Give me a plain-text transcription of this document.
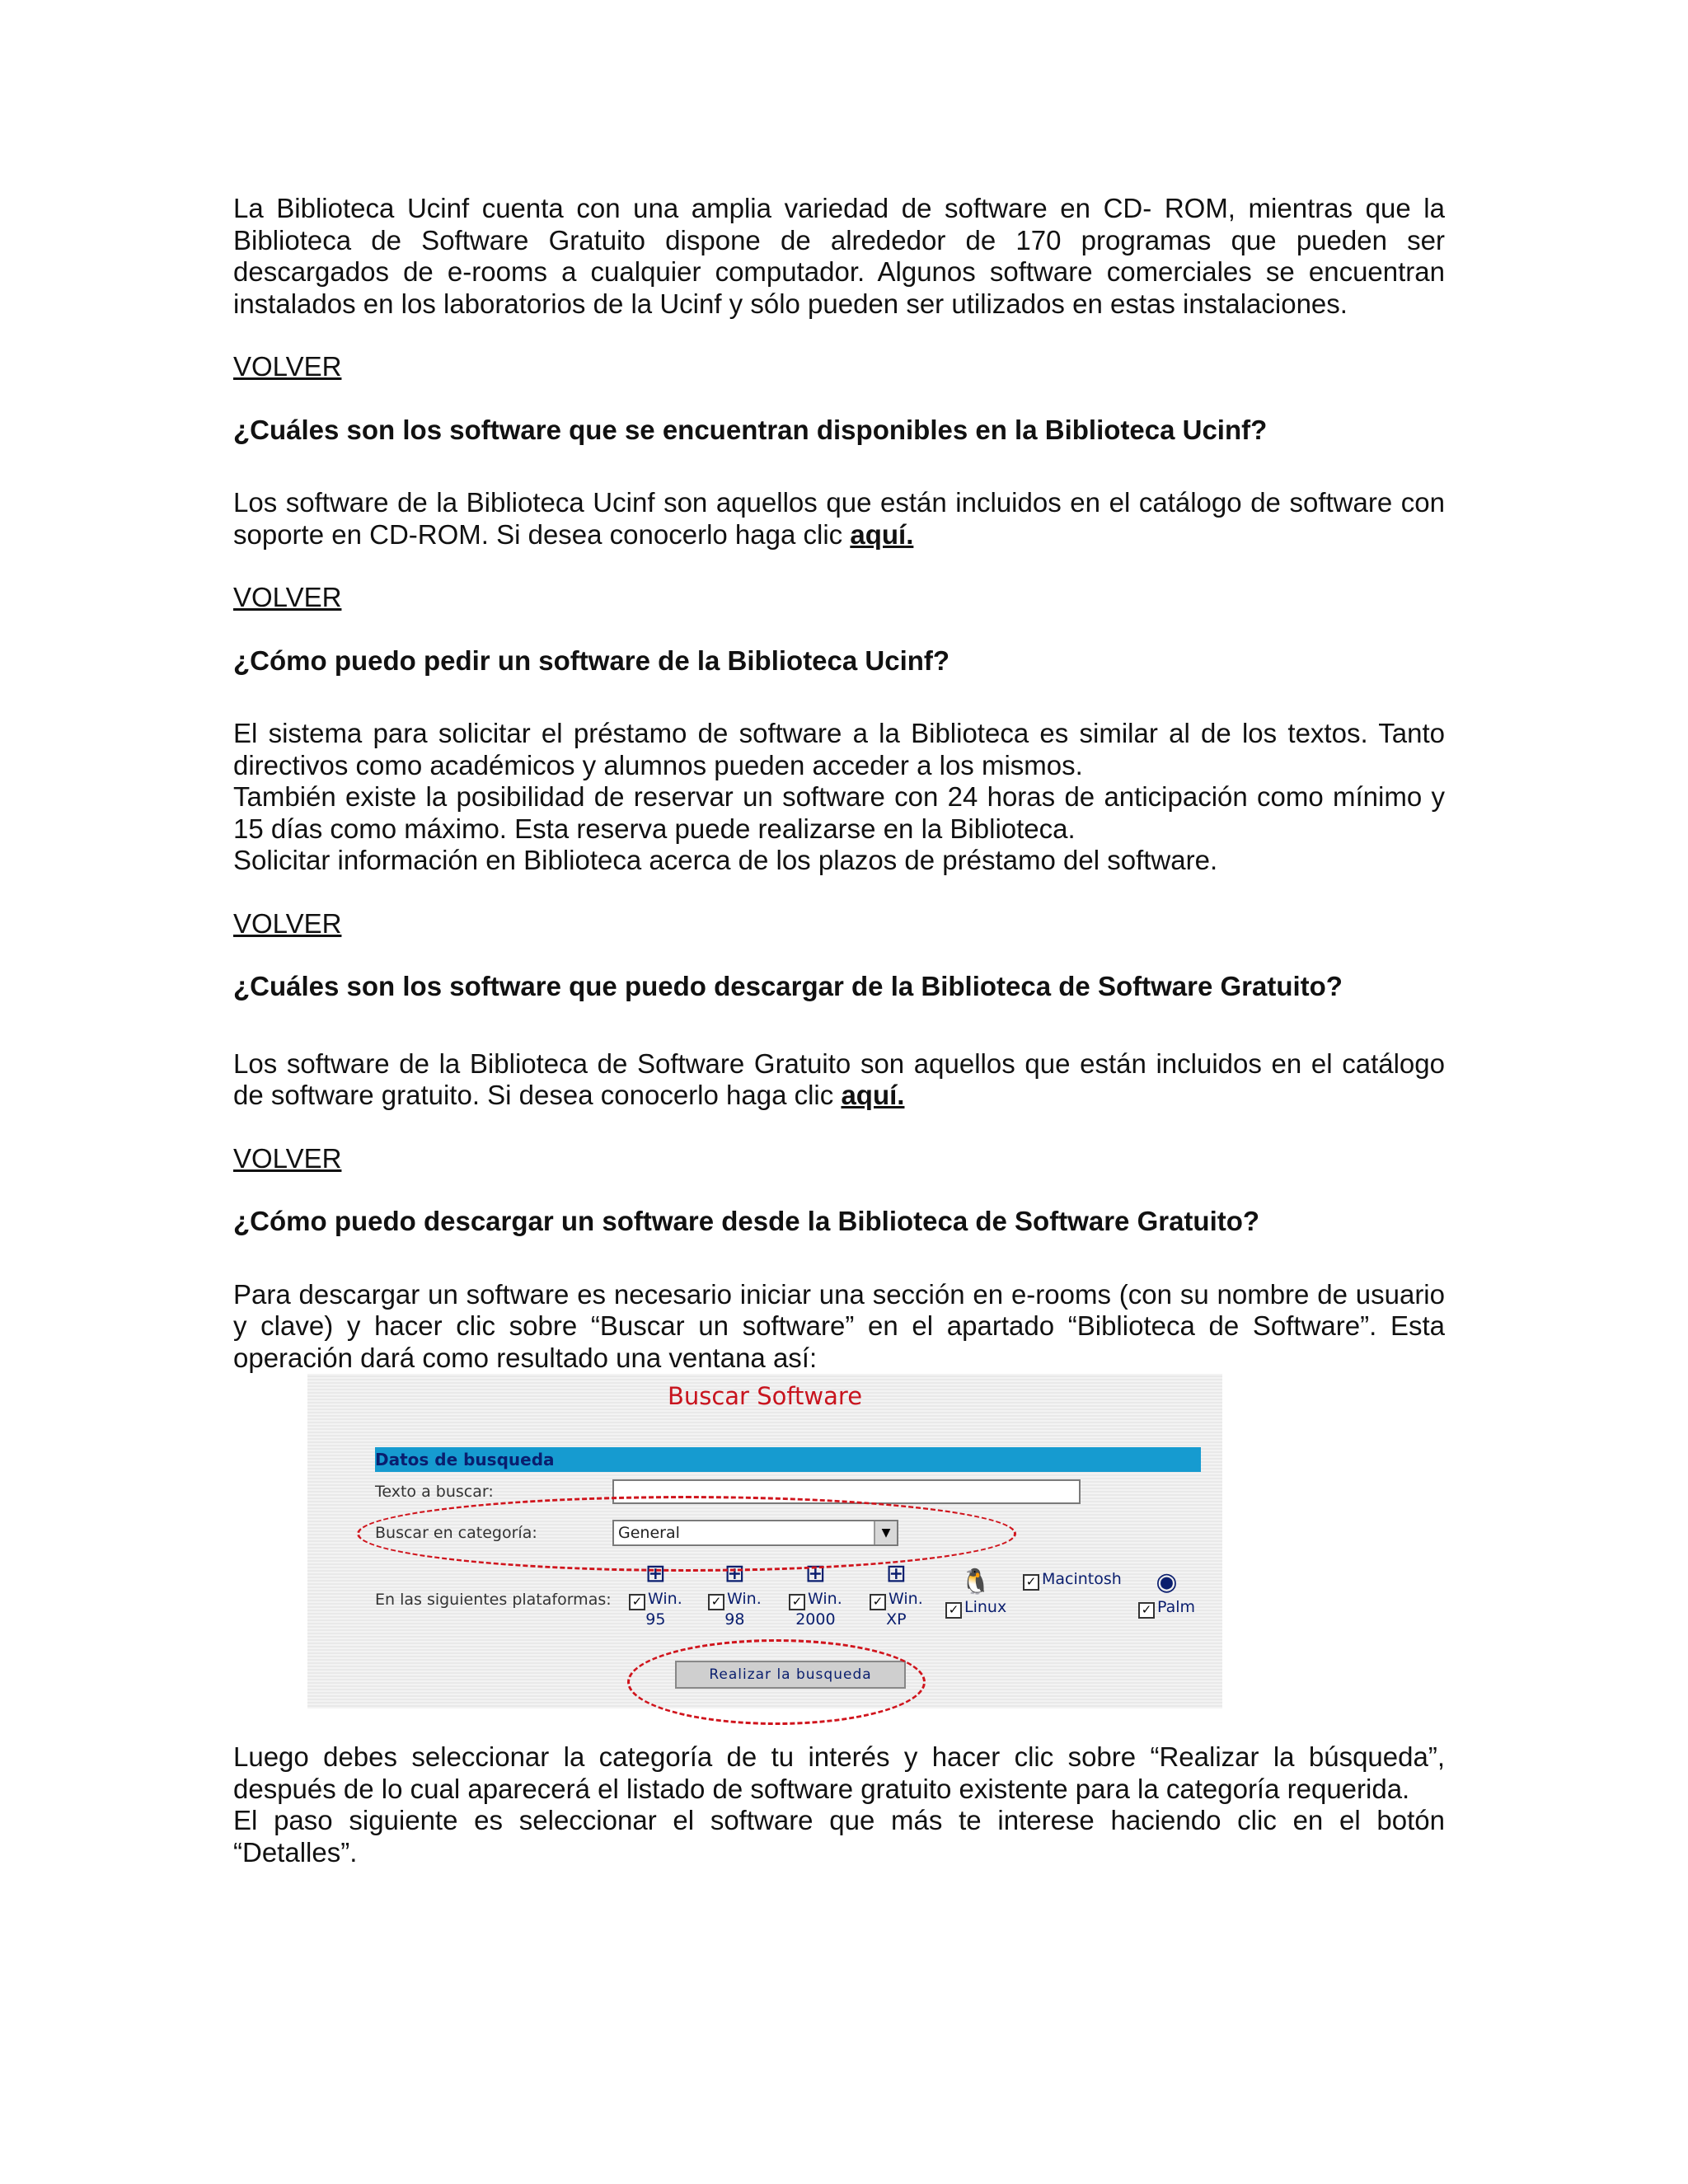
La Biblioteca Ucinf cuenta con una amplia variedad de software en CD- ROM, mientras que la Biblioteca de Software Gratuito dispone de alrededor de 170 programas que pueden ser descargados de e-rooms a cualquier computador. Algunos software comerciales se encuentran instalados en los laboratorios de la Ucinf y sólo pueden ser utilizados en estas instalaciones.

VOLVER

¿Cuáles son los software que se encuentran disponibles en la Biblioteca Ucinf?

Los software de la Biblioteca Ucinf son aquellos que están incluidos en el catálogo de software con soporte en CD-ROM. Si desea conocerlo haga clic aquí.

VOLVER

¿Cómo puedo pedir un software de la Biblioteca Ucinf?

El sistema para solicitar el préstamo de software a la Biblioteca es similar al de los textos. Tanto directivos como académicos y alumnos pueden acceder a los mismos.

También existe la posibilidad de reservar un software con 24 horas de anticipación como mínimo y 15 días como máximo. Esta reserva puede realizarse en la Biblioteca.

Solicitar información en Biblioteca acerca de los plazos de préstamo del software.

VOLVER

¿Cuáles son los software que puedo descargar de la Biblioteca de Software Gratuito?

Los software de la Biblioteca de Software Gratuito son aquellos que están incluidos en el catálogo de software gratuito. Si desea conocerlo haga clic aquí.

VOLVER

¿Cómo puedo descargar un software desde la Biblioteca de Software Gratuito?

Para descargar un software es necesario iniciar una sección en e-rooms (con su nombre de usuario y clave) y hacer clic sobre “Buscar un software” en el apartado “Biblioteca de Software”. Esta operación dará como resultado una ventana así:

Buscar Software
Datos de busqueda
Texto a buscar:
Buscar en categoría:	General	▼
En las siguientes plataformas:
⊞
✓ Win.
95
⊞
✓ Win.
98
⊞
✓ Win.
2000
⊞
✓ Win.
XP
🐧
✓ Linux
✓ Macintosh	◉
✓ Palm
Realizar la busqueda

Luego debes seleccionar la categoría de tu interés y hacer clic sobre “Realizar la búsqueda”, después de lo cual aparecerá el listado de software gratuito existente para la categoría requerida.

El paso siguiente es seleccionar el software que más te interese haciendo clic en el botón “Detalles”.
